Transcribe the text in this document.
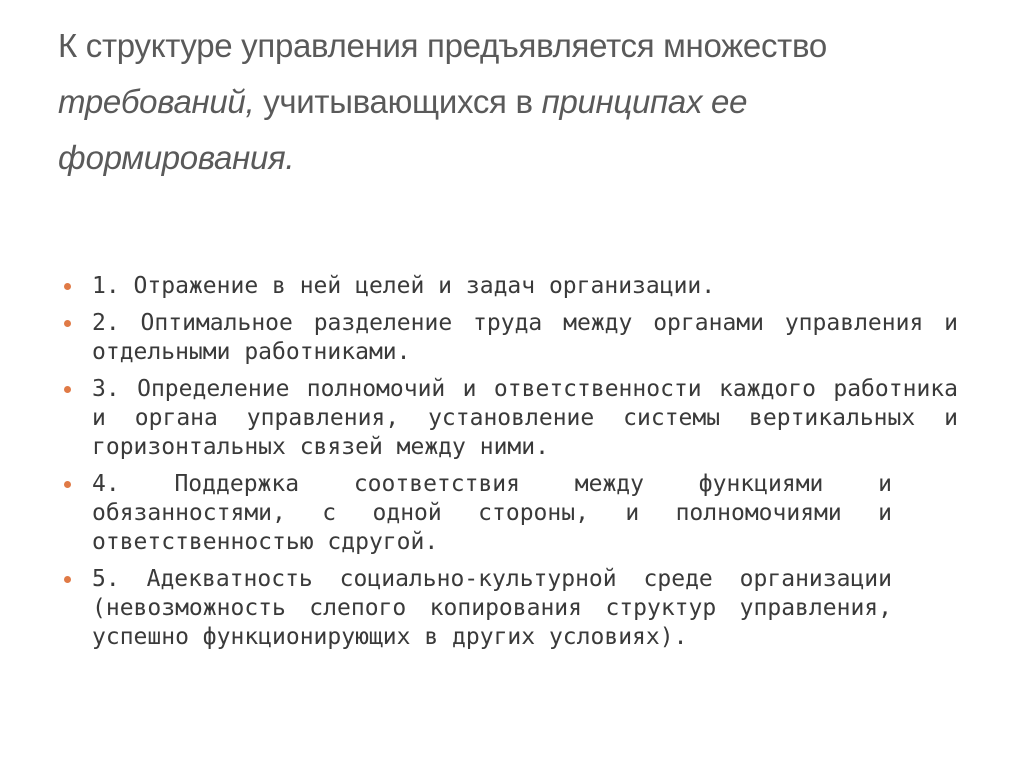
К структуре управления предъявляется множество
требований, учитывающихся в принципах ее формирования.
1. Отражение в ней целей и задач организации.
2. Оптимальное разделение труда между органами управления и отдельными работниками.
3. Определение полномочий и ответственности каждого работника и органа управления, установление системы вертикальных и горизонтальных связей между ними.
4. Поддержка соответствия между функциями и обязанностями, с одной стороны, и полномочиями и ответственностью сдругой.
5. Адекватность социально-культурной среде организации (невозможность слепого копирования структур управления, успешно функционирующих в других условиях).
